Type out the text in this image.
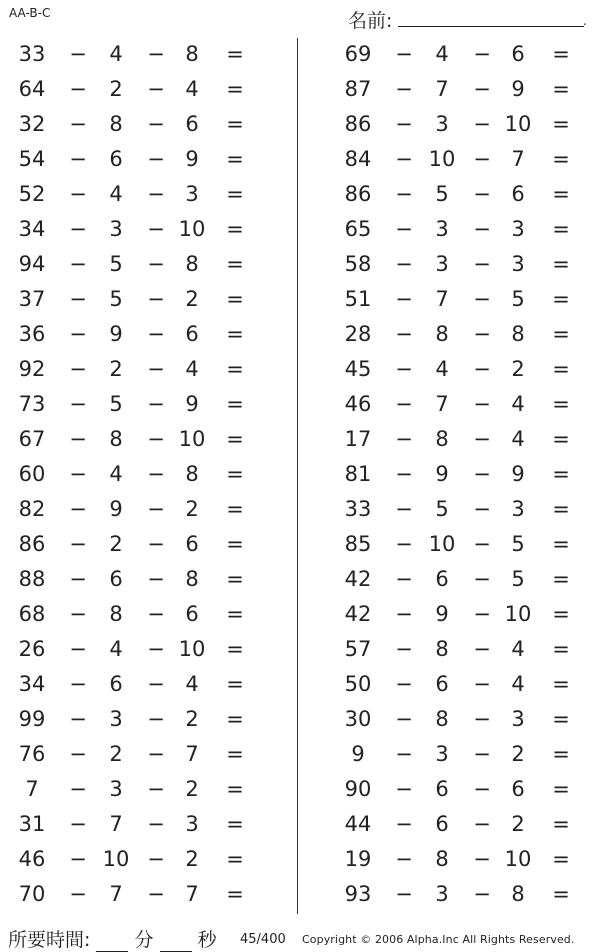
AA-B-C	名前:	.
33	−	4	− 8	=
64	−	2	− 4	=
32	−	8	− 6	=
54	−	6	− 9	=
52	−	4	− 3	=
34	−	3	− 10 =
94	−	5	− 8	=
37	−	5	− 2	=
36	−	9	− 6	=
92	−	2	− 4	=
73	−	5	− 9	=
67	−	8	− 10 =
60	−	4	− 8	=
82	−	9	− 2	=
86	−	2	− 6	=
88	−	6	− 8	=
68	−	8	− 6	=
26	−	4	− 10 =
34	−	6	− 4	=
99	−	3	− 2	=
76	−	2	− 7	=
7	−	3	− 2	=
31	−	7	− 3	=
46	− 10 − 2	=
70	−	7	− 7	=
69	−	4	− 6	=
87	−	7	− 9	=
86	−	3	− 10 =
84	− 10 − 7	=
86	−	5	− 6	=
65	−	3	− 3	=
58	−	3	− 3	=
51	−	7	− 5	=
28	−	8	− 8	=
45	−	4	− 2	=
46	−	7	− 4	=
17	−	8	− 4	=
81	−	9	− 9	=
33	−	5	− 3	=
85	− 10 − 5	=
42	−	6	− 5	=
42	−	9	− 10 =
57	−	8	− 4	=
50	−	6	− 4	=
30	−	8	− 3	=
9	−	3	− 2	=
90	−	6	− 6	=
44	−	6	− 2	=
19	−	8	− 10 =
93	−	3	− 8	=
所要時間: 分 秒 45/400 Copyright © 2006 Alpha.Inc All Rights Reserved.
